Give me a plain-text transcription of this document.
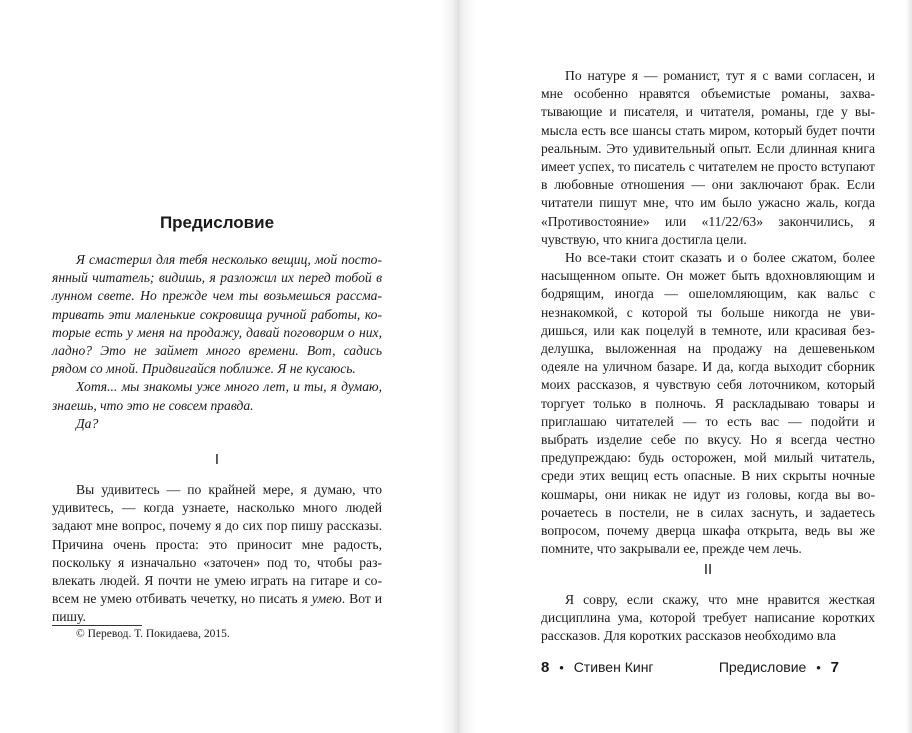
Предисловие

Я смастерил для тебя несколько вещиц, мой постоянный читатель; видишь, я разложил их перед тобой в лунном свете. Но прежде чем ты возьмешься рассматривать эти маленькие сокровища ручной работы, которые есть у меня на продажу, давай поговорим о них, ладно? Это не займет много времени. Вот, садись рядом со мной. Придвигайся поближе. Я не кусаюсь.

Хотя... мы знакомы уже много лет, и ты, я думаю, знаешь, что это не совсем правда.

Да?

I

Вы удивитесь — по крайней мере, я думаю, что удивитесь, — когда узнаете, насколько много людей задают мне вопрос, почему я до сих пор пишу рассказы. Причина очень проста: это приносит мне радость, поскольку я изначально «заточен» под то, чтобы развлекать людей. Я почти не умею играть на гитаре и совсем не умею отбивать чечетку, но писать я умею. Вот и пишу.

© Перевод. Т. Покидаева, 2015.

Предисловие • 7

По натуре я — романист, тут я с вами согласен, и мне особенно нравятся объемистые романы, захватывающие и писателя, и читателя, романы, где у вымысла есть все шансы стать миром, который будет почти реальным. Это удивительный опыт. Если длинная книга имеет успех, то писатель с читателем не просто вступают в любовные отношения — они заключают брак. Если читатели пишут мне, что им было ужасно жаль, когда «Противостояние» или «11/22/63» закончились, я чувствую, что книга достигла цели.

Но все-таки стоит сказать и о более сжатом, более насыщенном опыте. Он может быть вдохновляющим и бодрящим, иногда — ошеломляющим, как вальс с незнакомкой, с которой ты больше никогда не увидишься, или как поцелуй в темноте, или красивая безделушка, выложенная на продажу на дешевеньком одеяле на уличном базаре. И да, когда выходит сборник моих рассказов, я чувствую себя лоточником, который торгует только в полночь. Я раскладываю товары и приглашаю читателей — то есть вас — подойти и выбрать изделие себе по вкусу. Но я всегда честно предупреждаю: будь осторожен, мой милый читатель, среди этих вещиц есть опасные. В них скрыты ночные кошмары, они никак не идут из головы, когда вы ворочаетесь в постели, не в силах заснуть, и задаетесь вопросом, почему дверца шкафа открыта, ведь вы же помните, что закрывали ее, прежде чем лечь.

II

Я совру, если скажу, что мне нравится жесткая дисциплина ума, которой требует написание коротких рассказов. Для коротких рассказов необходимо вла

8 • Стивен Кинг
